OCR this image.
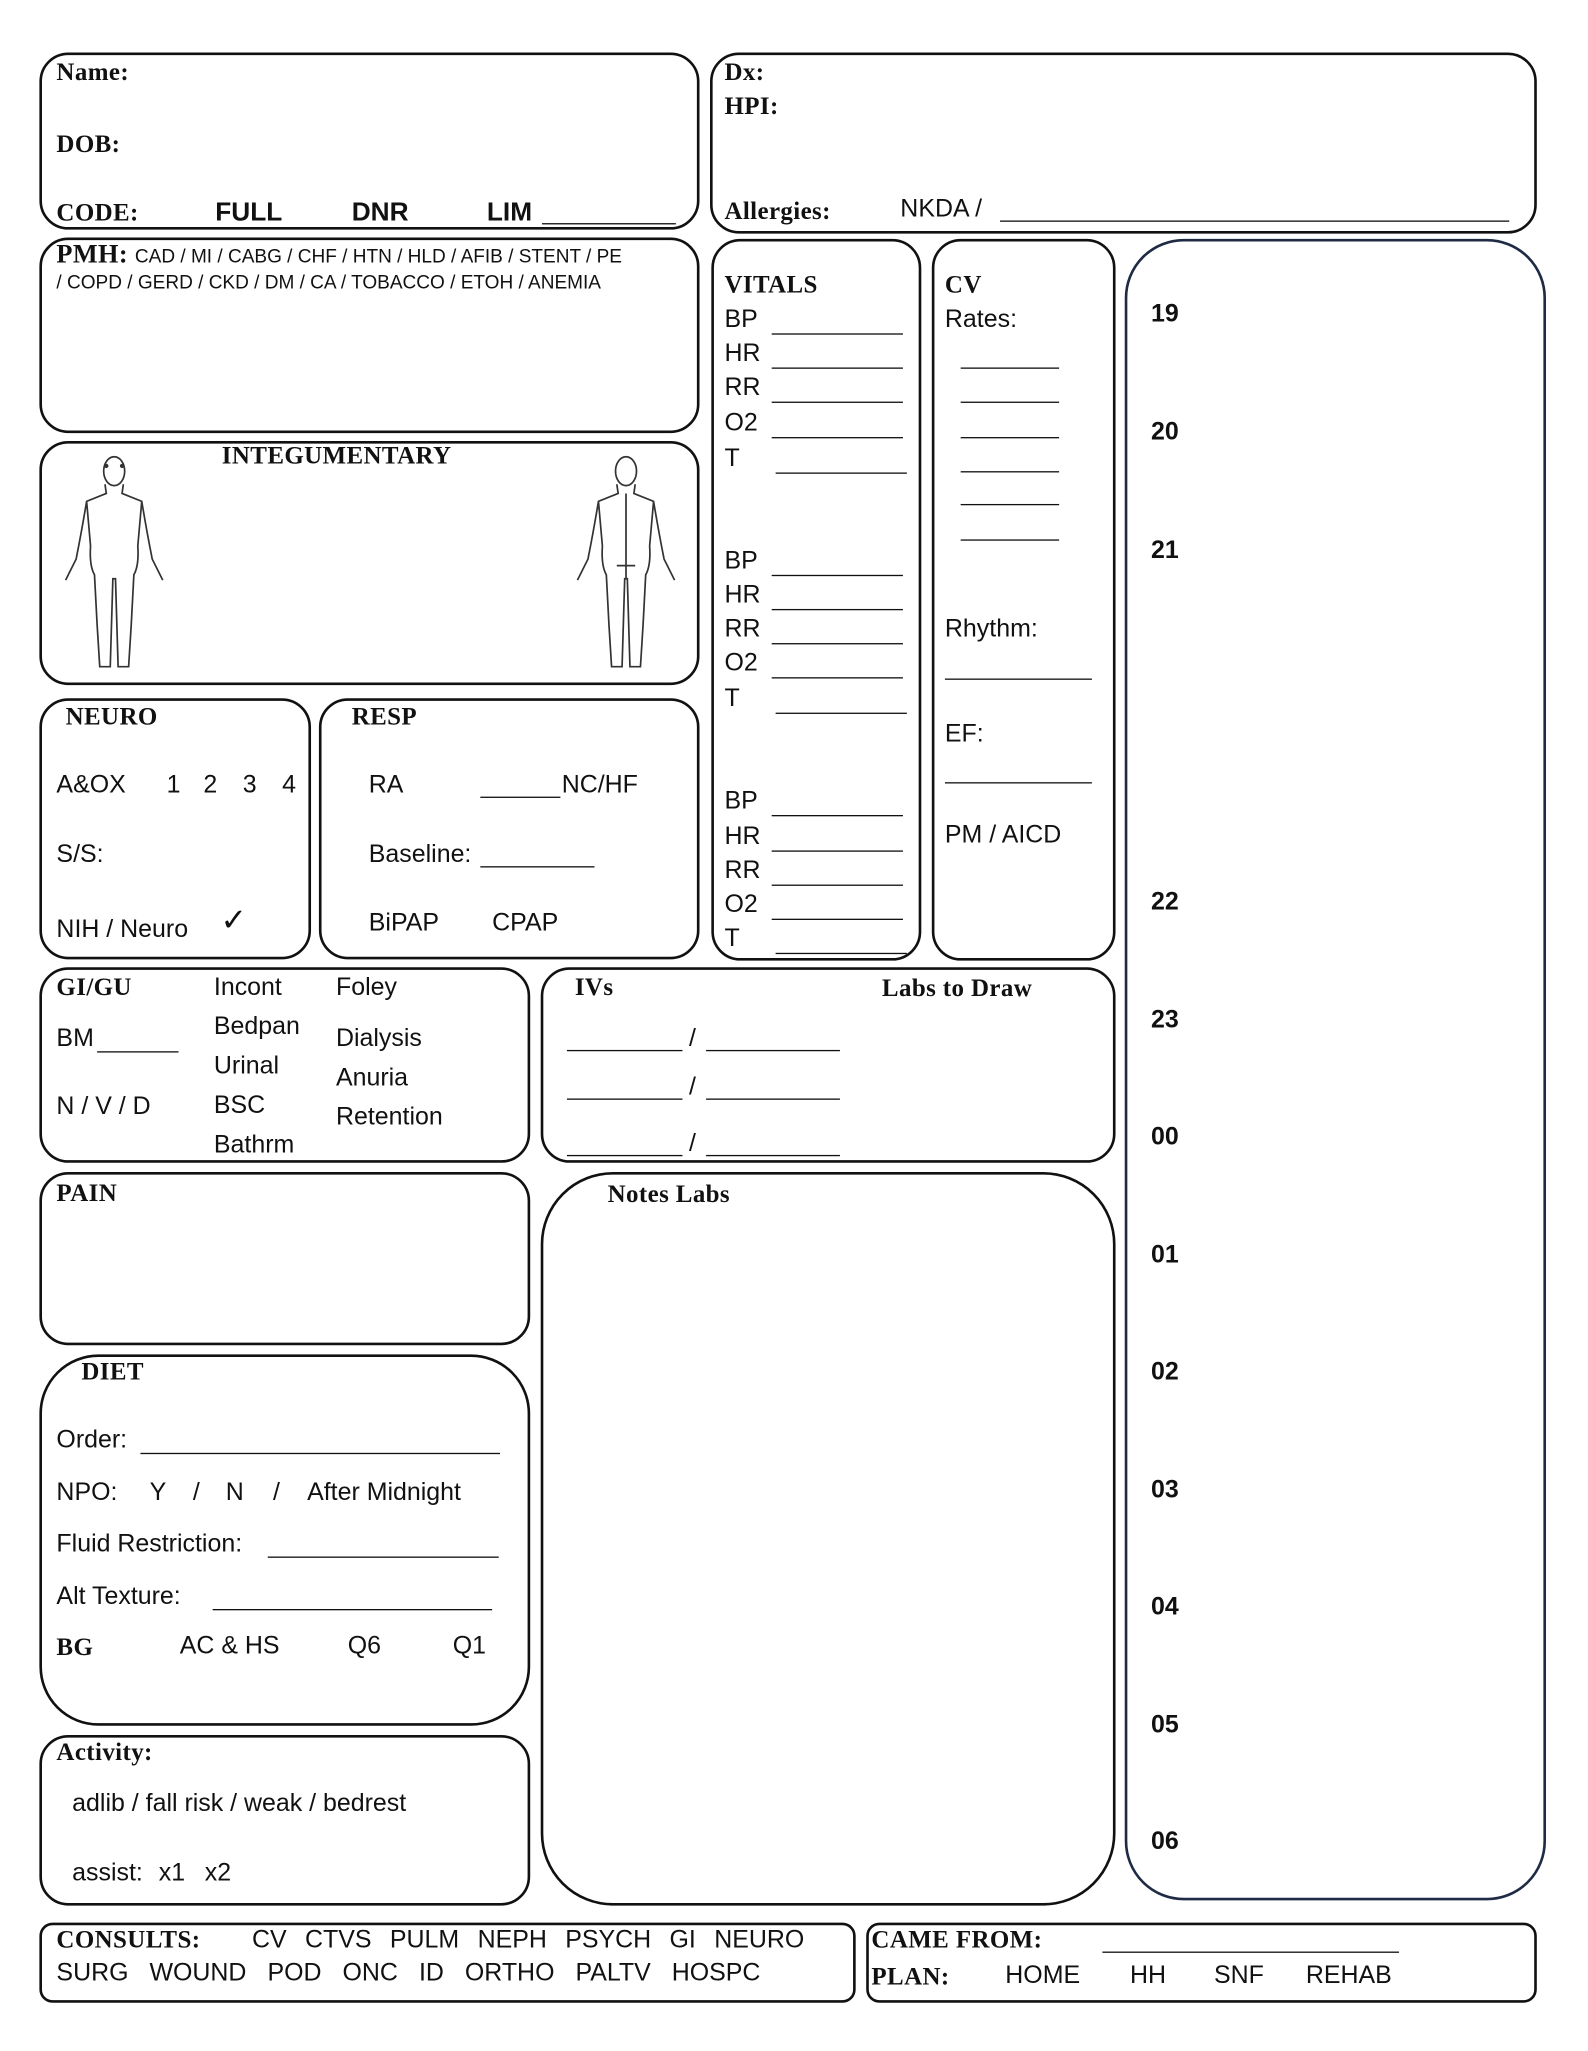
Name:
DOB:
CODE:	FULL	DNR	LIM
Dx:
HPI:
Allergies:	NKDA /
PMH: CAD / MI / CABG / CHF / HTN / HLD / AFIB / STENT / PE
/ COPD / GERD / CKD / DM / CA / TOBACCO / ETOH / ANEMIA
INTEGUMENTARY
VITALS	CV
Rates:
Rhythm:
EF:
PM / AICD
NEURO
A&OX 1 2 3 4
S/S:
NIH / Neuro ✓
RESP
RA	NC/HF
Baseline:
BiPAP	CPAP
GI/GU
BM
N / V / D
Incont
Bedpan
Urinal
BSC
Bathrm
Foley
Dialysis
Anuria
Retention
IVs	Labs to Draw
PAIN	Notes Labs
DIET
Order:
NPO: Y / N / After Midnight
Fluid Restriction:
Alt Texture:
BG	AC & HS	Q6	Q1
Activity:
adlib / fall risk / weak / bedrest
assist: x1 x2
CONSULTS:	CV CTVS PULM NEPH PSYCH GI NEURO
SURG WOUND POD ONC ID ORTHO PALTV HOSPC
CAME FROM:
PLAN:	HOME	HH	SNF REHAB
BP
HR
RR
O2
T
BP
HR
RR
O2
T
BP
HR
RR
O2
T
19
20
21
22
23
00
01
02
03
04
05
06
/
/
/
